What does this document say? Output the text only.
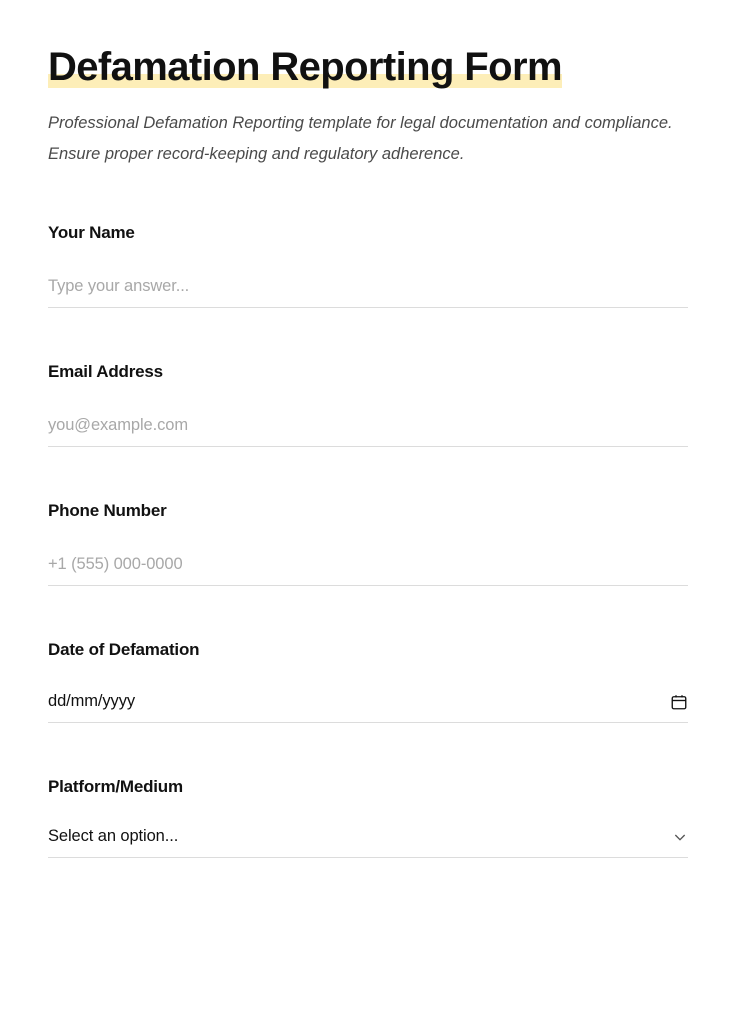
Defamation Reporting Form

Professional Defamation Reporting template for legal documentation and compliance. Ensure proper record-keeping and regulatory adherence.

Your Name
Type your answer...
Email Address
you@example.com
Phone Number
+1 (555) 000-0000
Date of Defamation
dd/mm/yyyy
Platform/Medium
Select an option...
